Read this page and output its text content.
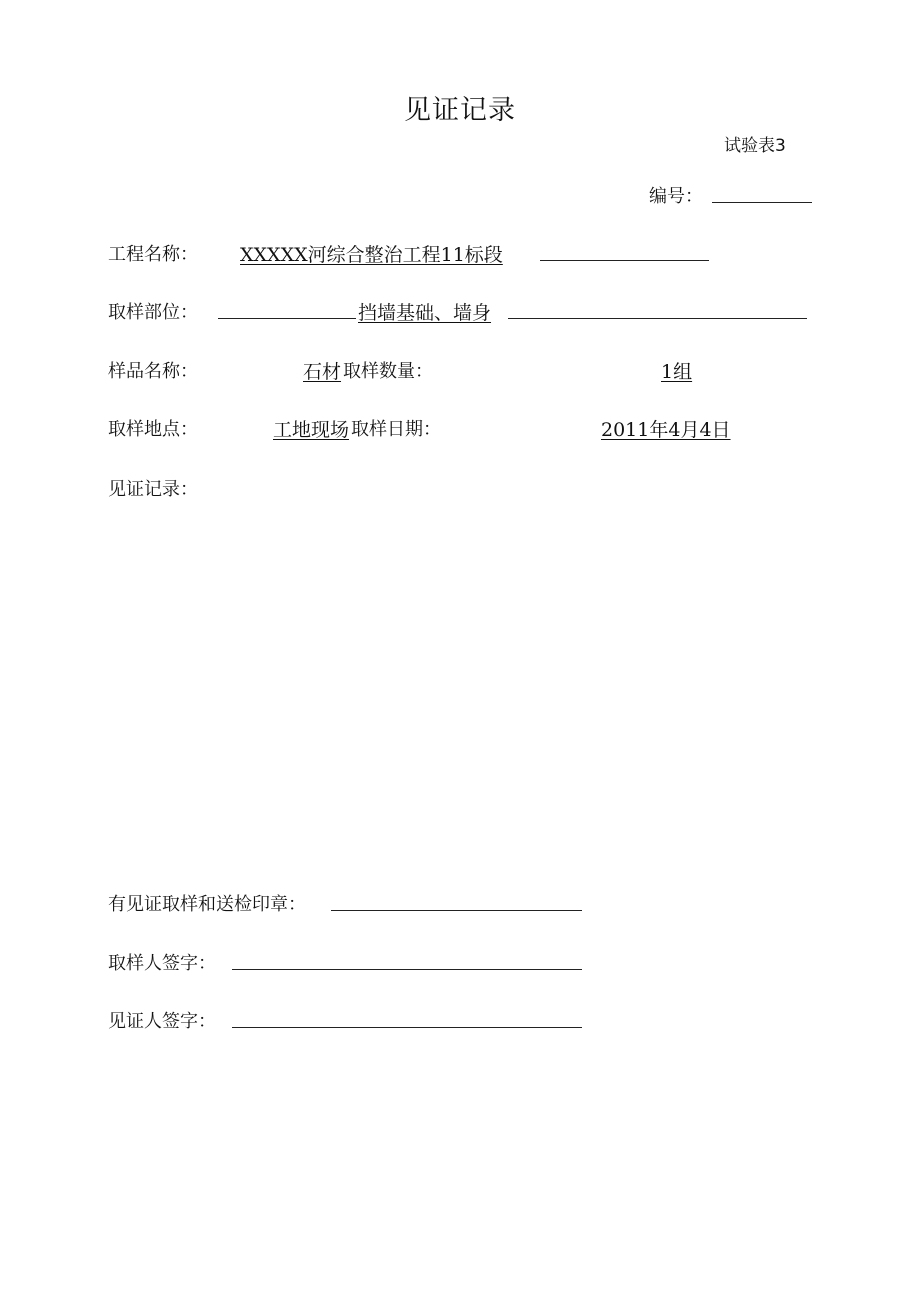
见证记录
试验表3
编号：
工程名称： XXXXX河综合整治工程11标段
取样部位：	挡墙基础、墙身
样品名称：	石材 取样数量：	1组
取样地点：	工地现场 取样日期：	2011年4月4日
见证记录：
有见证取样和送检印章：
取样人签字：
见证人签字：
